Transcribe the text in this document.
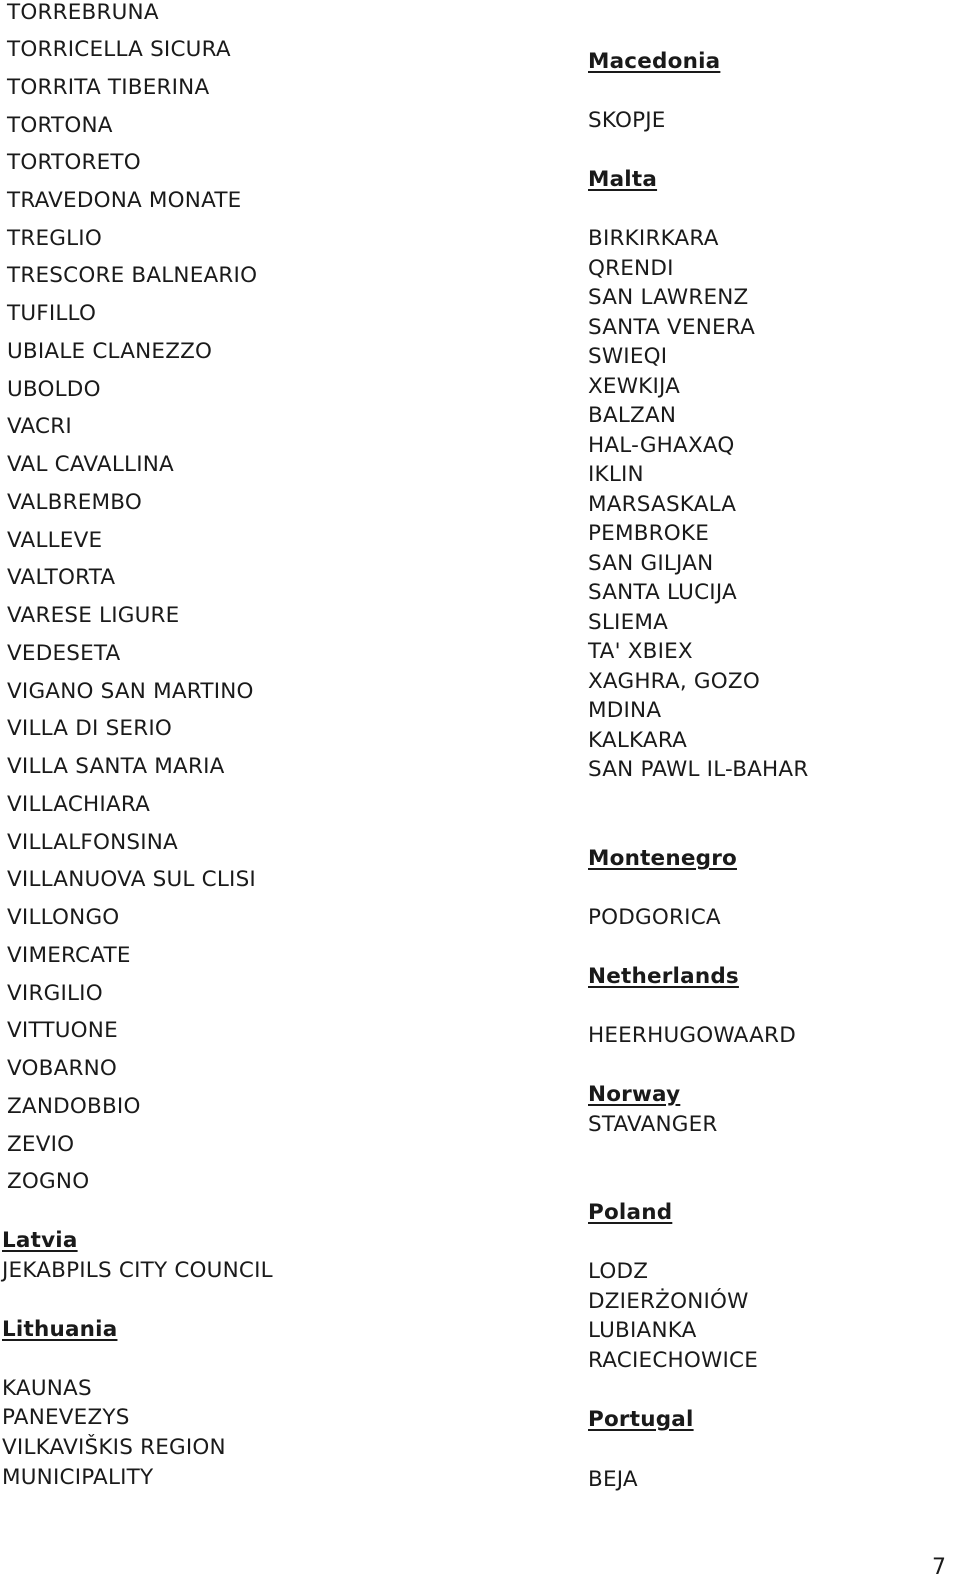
TORREBRUNA
TORRICELLA SICURA
TORRITA TIBERINA
TORTONA
TORTORETO
TRAVEDONA MONATE
TREGLIO
TRESCORE BALNEARIO
TUFILLO
UBIALE CLANEZZO
UBOLDO
VACRI
VAL CAVALLINA
VALBREMBO
VALLEVE
VALTORTA
VARESE LIGURE
VEDESETA
VIGANO SAN MARTINO
VILLA DI SERIO
VILLA SANTA MARIA
VILLACHIARA
VILLALFONSINA
VILLANUOVA SUL CLISI
VILLONGO
VIMERCATE
VIRGILIO
VITTUONE
VOBARNO
ZANDOBBIO
ZEVIO
ZOGNO
Latvia
JEKABPILS CITY COUNCIL
Lithuania
KAUNAS
PANEVEZYS
VILKAVIŠKIS REGION
MUNICIPALITY
Macedonia
SKOPJE
Malta
BIRKIRKARA
QRENDI
SAN LAWRENZ
SANTA VENERA
SWIEQI
XEWKIJA
BALZAN
HAL-GHAXAQ
IKLIN
MARSASKALA
PEMBROKE
SAN GILJAN
SANTA LUCIJA
SLIEMA
TA' XBIEX
XAGHRA, GOZO
MDINA
KALKARA
SAN PAWL IL-BAHAR
Montenegro
PODGORICA
Netherlands
HEERHUGOWAARD
Norway
STAVANGER
Poland
LODZ
DZIERŻONIÓW
LUBIANKA
RACIECHOWICE
Portugal
BEJA
7
